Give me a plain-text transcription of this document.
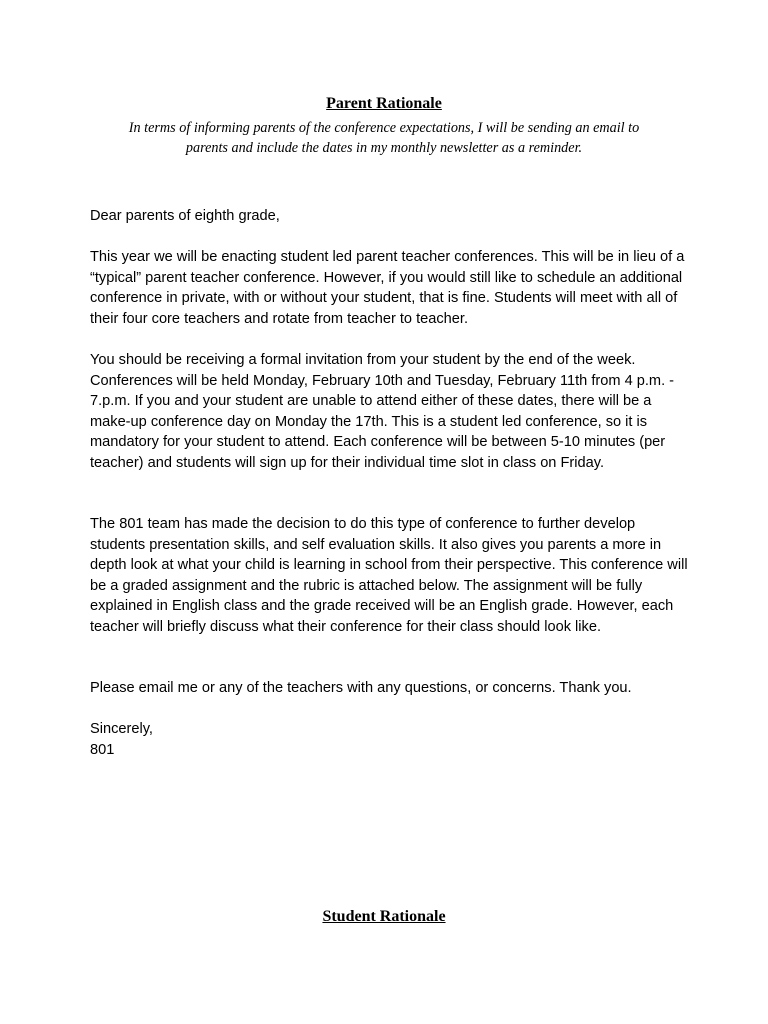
Parent Rationale
In terms of informing parents of the conference expectations, I will be sending an email to
parents and include the dates in my monthly newsletter as a reminder.
Dear parents of eighth grade,

This year we will be enacting student led parent teacher conferences. This will be in lieu of a “typical” parent teacher conference. However, if you would still like to schedule an additional conference in private, with or without your student, that is fine. Students will meet with all of their four core teachers and rotate from teacher to teacher.

You should be receiving a formal invitation from your student by the end of the week. Conferences will be held Monday, February 10th and Tuesday, February 11th from 4 p.m. - 7.p.m. If you and your student are unable to attend either of these dates, there will be a make-up conference day on Monday the 17th. This is a student led conference, so it is mandatory for your student to attend. Each conference will be between 5-10 minutes (per teacher) and students will sign up for their individual time slot in class on Friday.

The 801 team has made the decision to do this type of conference to further develop students presentation skills, and self evaluation skills. It also gives you parents a more in depth look at what your child is learning in school from their perspective. This conference will be a graded assignment and the rubric is attached below. The assignment will be fully explained in English class and the grade received will be an English grade. However, each teacher will briefly discuss what their conference for their class should look like.

Please email me or any of the teachers with any questions, or concerns. Thank you.

Sincerely,
801
Student Rationale
